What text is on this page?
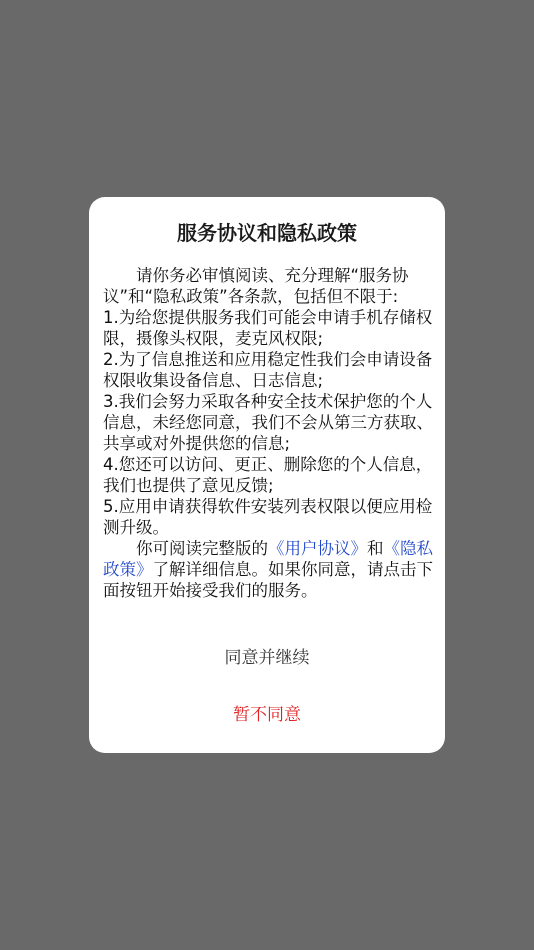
服务协议和隐私政策

请你务必审慎阅读、充分理解“服务协议”和“隐私政策”各条款，包括但不限于:

1.为给您提供服务我们可能会申请手机存储权限，摄像头权限，麦克风权限;

2.为了信息推送和应用稳定性我们会申请设备权限收集设备信息、日志信息;

3.我们会努力采取各种安全技术保护您的个人信息，未经您同意，我们不会从第三方获取、共享或对外提供您的信息;

4.您还可以访问、更正、删除您的个人信息，我们也提供了意见反馈;

5.应用申请获得软件安装列表权限以便应用检测升级。

你可阅读完整版的《用户协议》和《隐私政策》了解详细信息。如果你同意，请点击下面按钮开始接受我们的服务。

同意并继续
暂不同意
